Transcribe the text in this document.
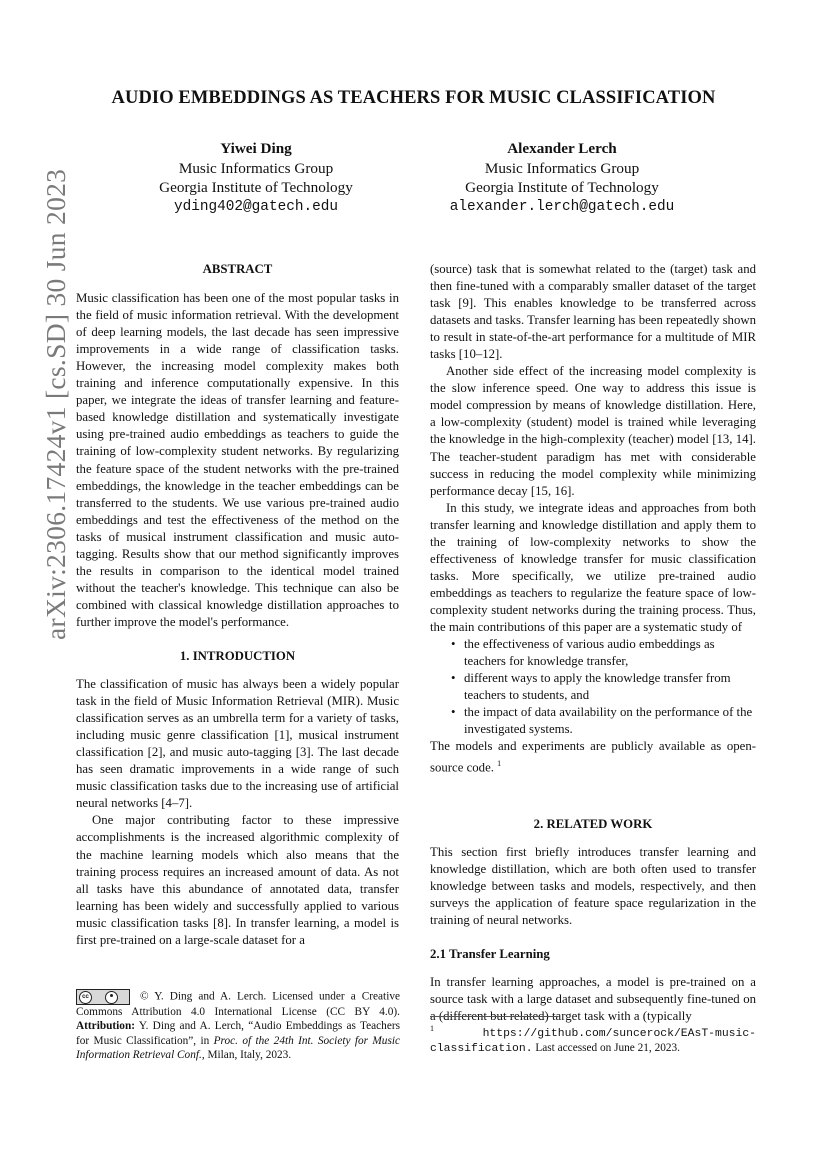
arXiv:2306.17424v1 [cs.SD] 30 Jun 2023
AUDIO EMBEDDINGS AS TEACHERS FOR MUSIC CLASSIFICATION
Yiwei Ding
Music Informatics Group
Georgia Institute of Technology
yding402@gatech.edu
Alexander Lerch
Music Informatics Group
Georgia Institute of Technology
alexander.lerch@gatech.edu

ABSTRACT

Music classification has been one of the most popular tasks in the field of music information retrieval. With the development of deep learning models, the last decade has seen impressive improvements in a wide range of classification tasks. However, the increasing model complexity makes both training and inference computationally expensive. In this paper, we integrate the ideas of transfer learning and feature-based knowledge distillation and systematically investigate using pre-trained audio embeddings as teachers to guide the training of low-complexity student networks. By regularizing the feature space of the student networks with the pre-trained embeddings, the knowledge in the teacher embeddings can be transferred to the students. We use various pre-trained audio embeddings and test the effectiveness of the method on the tasks of musical instrument classification and music auto-tagging. Results show that our method significantly improves the results in comparison to the identical model trained without the teacher's knowledge. This technique can also be combined with classical knowledge distillation approaches to further improve the model's performance.

1. INTRODUCTION

The classification of music has always been a widely popular task in the field of Music Information Retrieval (MIR). Music classification serves as an umbrella term for a variety of tasks, including music genre classification [1], musical instrument classification [2], and music auto-tagging [3]. The last decade has seen dramatic improvements in a wide range of such music classification tasks due to the increasing use of artificial neural networks [4–7].

One major contributing factor to these impressive accomplishments is the increased algorithmic complexity of the machine learning models which also means that the training process requires an increased amount of data. As not all tasks have this abundance of annotated data, transfer learning has been widely and successfully applied to various music classification tasks [8]. In transfer learning, a model is first pre-trained on a large-scale dataset for a

cc	© Y. Ding and A. Lerch. Licensed under a Creative Commons Attribution 4.0 International License (CC BY 4.0). Attribution: Y. Ding and A. Lerch, “Audio Embeddings as Teachers for Music Classification”, in Proc. of the 24th Int. Society for Music Information Retrieval Conf., Milan, Italy, 2023.

(source) task that is somewhat related to the (target) task and then fine-tuned with a comparably smaller dataset of the target task [9]. This enables knowledge to be transferred across datasets and tasks. Transfer learning has been repeatedly shown to result in state-of-the-art performance for a multitude of MIR tasks [10–12].

Another side effect of the increasing model complexity is the slow inference speed. One way to address this issue is model compression by means of knowledge distillation. Here, a low-complexity (student) model is trained while leveraging the knowledge in the high-complexity (teacher) model [13, 14]. The teacher-student paradigm has met with considerable success in reducing the model complexity while minimizing performance decay [15, 16].

In this study, we integrate ideas and approaches from both transfer learning and knowledge distillation and apply them to the training of low-complexity networks to show the effectiveness of knowledge transfer for music classification tasks. More specifically, we utilize pre-trained audio embeddings as teachers to regularize the feature space of low-complexity student networks during the training process. Thus, the main contributions of this paper are a systematic study of

• the effectiveness of various audio embeddings as teachers for knowledge transfer,
• different ways to apply the knowledge transfer from teachers to students, and
• the impact of data availability on the performance of the investigated systems.

The models and experiments are publicly available as open-source code. $^1$

2. RELATED WORK

This section first briefly introduces transfer learning and knowledge distillation, which are both often used to transfer knowledge between tasks and models, respectively, and then surveys the application of feature space regularization in the training of neural networks.

2.1 Transfer Learning

In transfer learning approaches, a model is pre-trained on a source task with a large dataset and subsequently fine-tuned on a (different but related) target task with a (typically

$^1$	https://github.com/suncerock/EAsT-music-classification. Last accessed on June 21, 2023.
